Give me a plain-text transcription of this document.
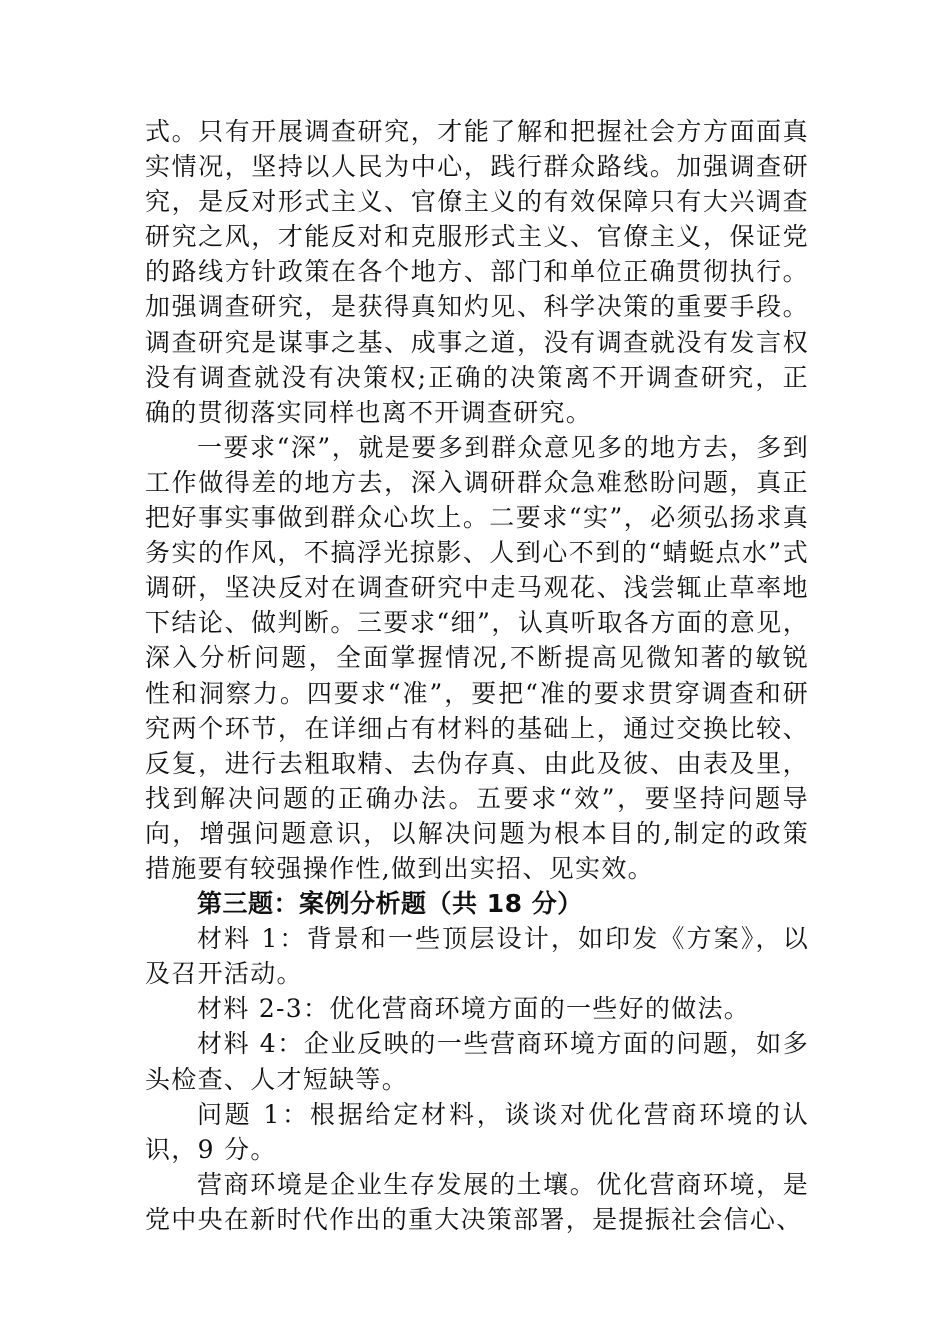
式。只有开展调查研究，才能了解和把握社会方方面面真实情况，坚持以人民为中心，践行群众路线。加强调查研究，是反对形式主义、官僚主义的有效保障只有大兴调查研究之风，才能反对和克服形式主义、官僚主义，保证党的路线方针政策在各个地方、部门和单位正确贯彻执行。加强调查研究，是获得真知灼见、科学决策的重要手段。调查研究是谋事之基、成事之道，没有调查就没有发言权没有调查就没有决策权;正确的决策离不开调查研究，正确的贯彻落实同样也离不开调查研究。

一要求“深”，就是要多到群众意见多的地方去，多到工作做得差的地方去，深入调研群众急难愁盼问题，真正把好事实事做到群众心坎上。二要求“实”，必须弘扬求真务实的作风，不搞浮光掠影、人到心不到的“蜻蜓点水”式调研，坚决反对在调查研究中走马观花、浅尝辄止草率地下结论、做判断。三要求“细”，认真听取各方面的意见，深入分析问题，全面掌握情况,不断提高见微知著的敏锐性和洞察力。四要求“准”，要把“准的要求贯穿调查和研究两个环节，在详细占有材料的基础上，通过交换比较、反复，进行去粗取精、去伪存真、由此及彼、由表及里，找到解决问题的正确办法。五要求“效”，要坚持问题导向，增强问题意识，以解决问题为根本目的,制定的政策措施要有较强操作性,做到出实招、见实效。

第三题：案例分析题（共 18 分）

材料 1：背景和一些顶层设计，如印发《方案》，以及召开活动。

材料 2-3：优化营商环境方面的一些好的做法。

材料 4：企业反映的一些营商环境方面的问题，如多头检查、人才短缺等。

问题 1：根据给定材料，谈谈对优化营商环境的认识，9 分。

营商环境是企业生存发展的土壤。优化营商环境，是党中央在新时代作出的重大决策部署，是提振社会信心、
